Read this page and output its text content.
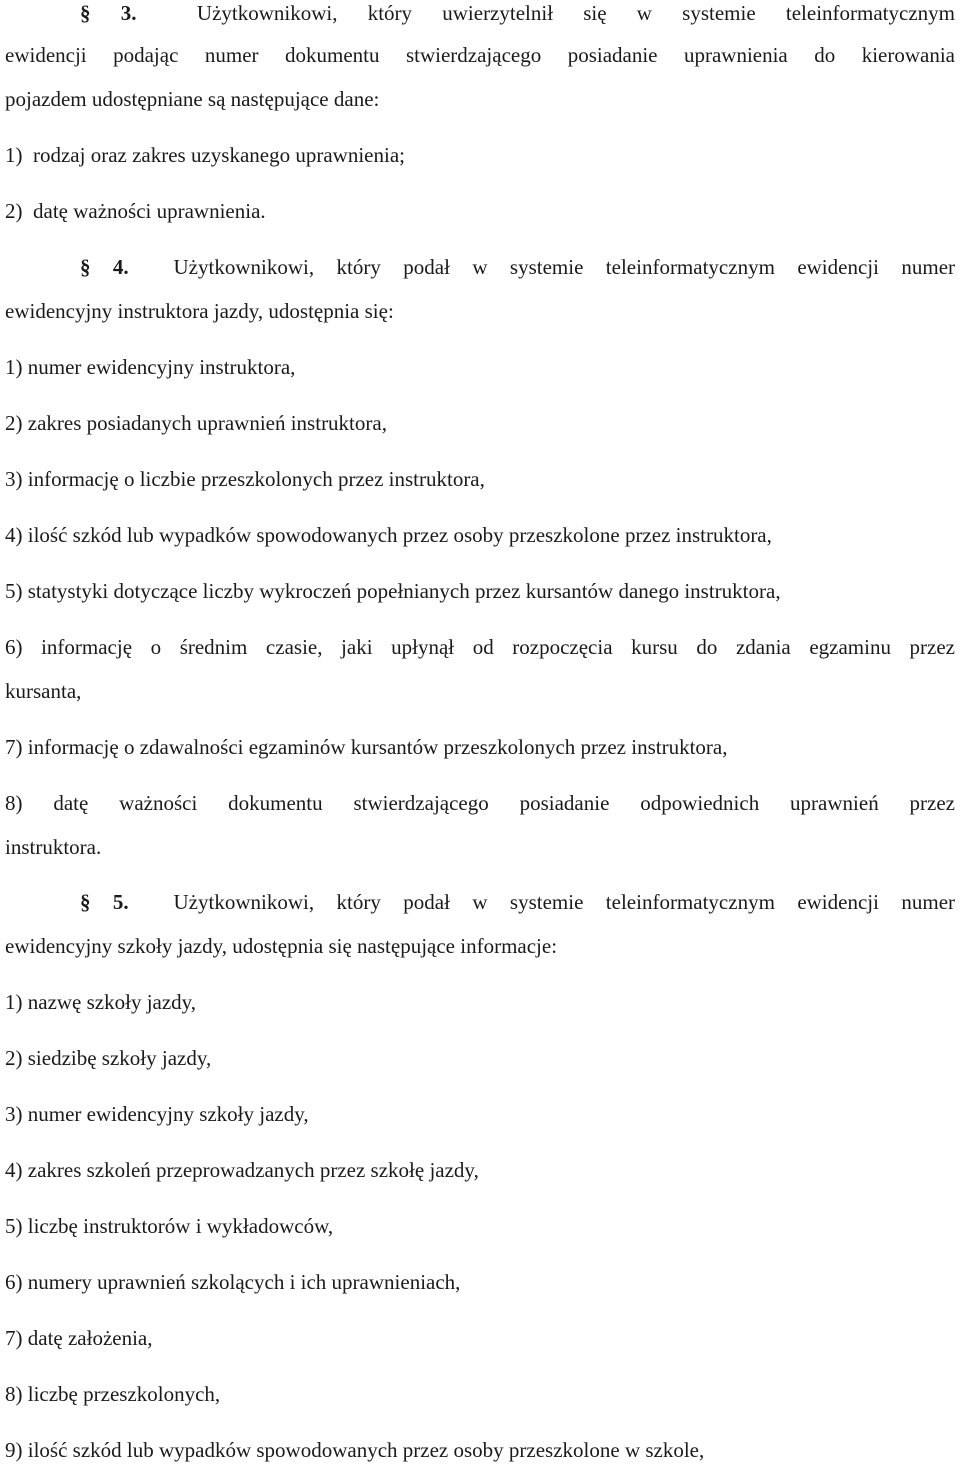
§ 3.	Użytkownikowi, który uwierzytelnił się w systemie teleinformatycznym
ewidencji podając numer dokumentu stwierdzającego posiadanie uprawnienia do kierowania
pojazdem udostępniane są następujące dane:
1)  rodzaj oraz zakres uzyskanego uprawnienia;
2)  datę ważności uprawnienia.
§ 4. Użytkownikowi, który podał w systemie teleinformatycznym ewidencji numer
ewidencyjny instruktora jazdy, udostępnia się:
1) numer ewidencyjny instruktora,
2) zakres posiadanych uprawnień instruktora,
3) informację o liczbie przeszkolonych przez instruktora,
4) ilość szkód lub wypadków spowodowanych przez osoby przeszkolone przez instruktora,
5) statystyki dotyczące liczby wykroczeń popełnianych przez kursantów danego instruktora,
6) informację o średnim czasie, jaki upłynął od rozpoczęcia kursu do zdania egzaminu przez
kursanta,
7) informację o zdawalności egzaminów kursantów przeszkolonych przez instruktora,
8) datę ważności dokumentu stwierdzającego posiadanie odpowiednich uprawnień przez
instruktora.
§ 5. Użytkownikowi, który podał w systemie teleinformatycznym ewidencji numer
ewidencyjny szkoły jazdy, udostępnia się następujące informacje:
1) nazwę szkoły jazdy,
2) siedzibę szkoły jazdy,
3) numer ewidencyjny szkoły jazdy,
4) zakres szkoleń przeprowadzanych przez szkołę jazdy,
5) liczbę instruktorów i wykładowców,
6) numery uprawnień szkolących i ich uprawnieniach,
7) datę założenia,
8) liczbę przeszkolonych,
9) ilość szkód lub wypadków spowodowanych przez osoby przeszkolone w szkole,
